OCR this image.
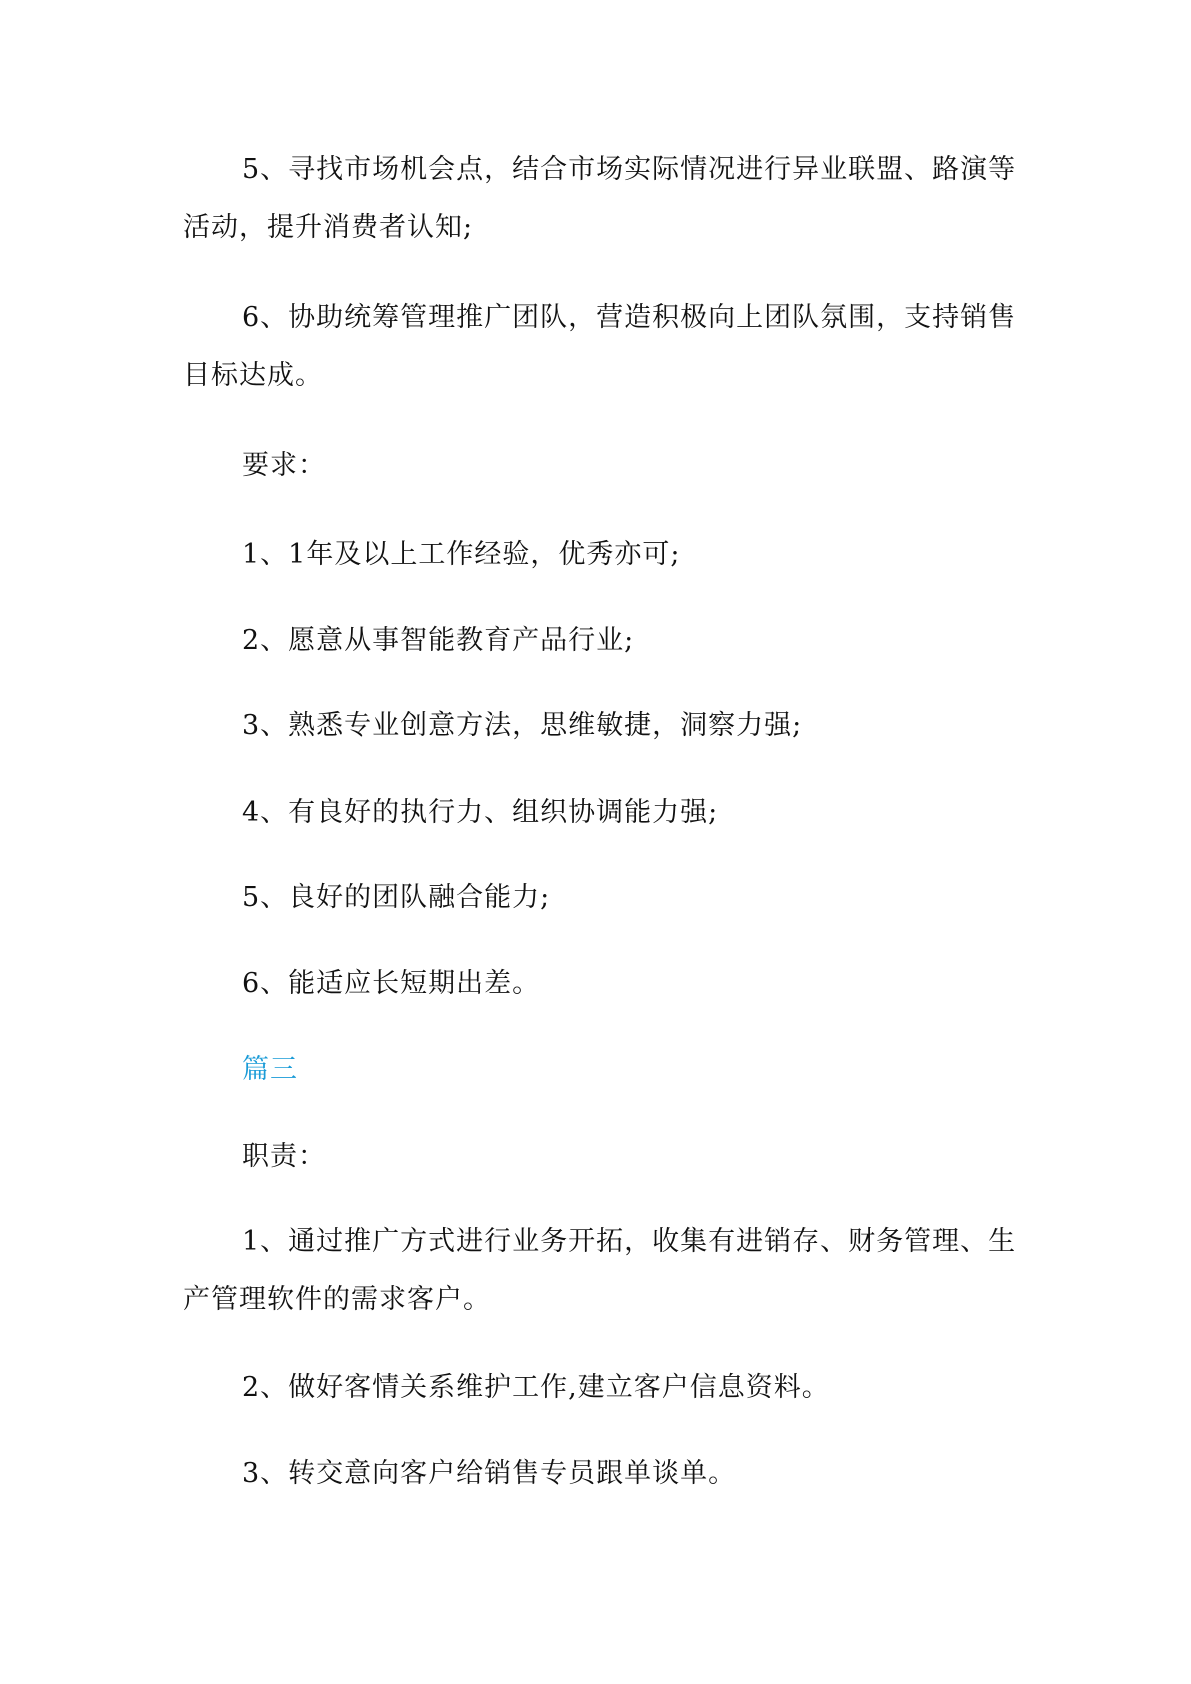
5、寻找市场机会点，结合市场实际情况进行异业联盟、路演等活动，提升消费者认知;

6、协助统筹管理推广团队，营造积极向上团队氛围，支持销售目标达成。

要求：

1、1年及以上工作经验，优秀亦可;

2、愿意从事智能教育产品行业;

3、熟悉专业创意方法，思维敏捷，洞察力强;

4、有良好的执行力、组织协调能力强;

5、良好的团队融合能力;

6、能适应长短期出差。

篇三

职责：

1、通过推广方式进行业务开拓，收集有进销存、财务管理、生产管理软件的需求客户。

2、做好客情关系维护工作,建立客户信息资料。

3、转交意向客户给销售专员跟单谈单。
